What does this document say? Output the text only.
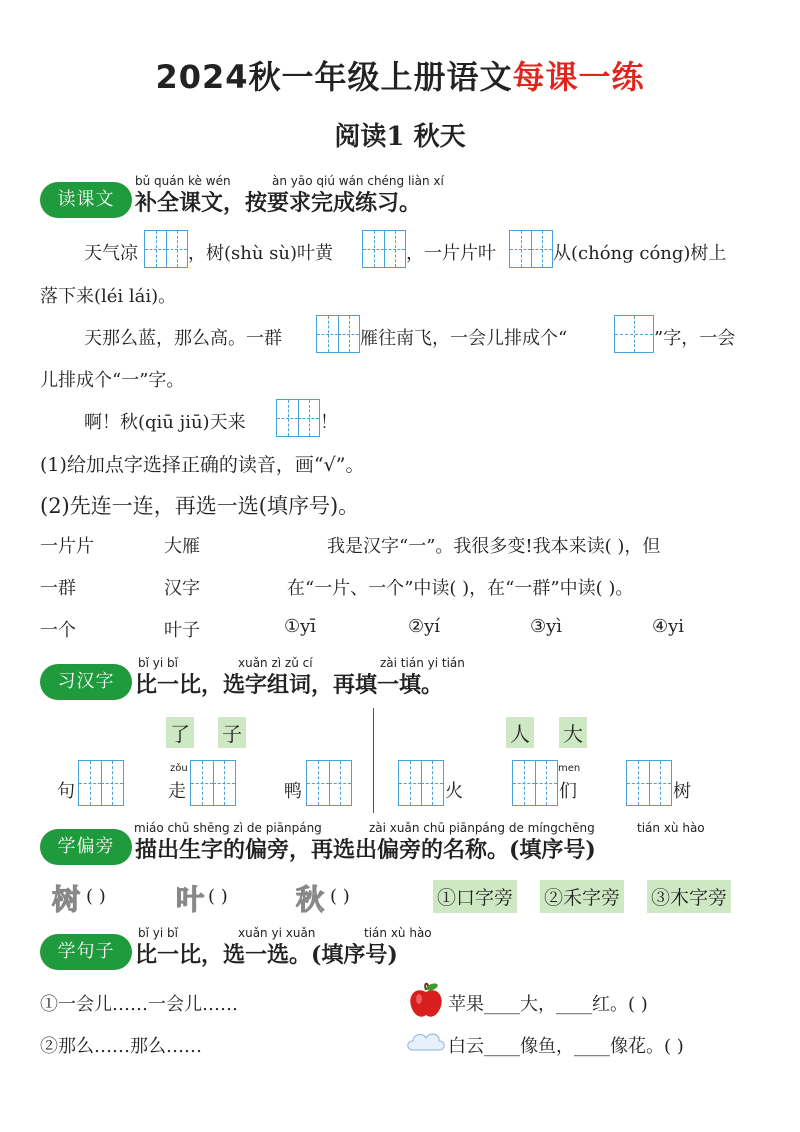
2024秋一年级上册语文每课一练
阅读1 秋天
读课文
bǔ quán kè wén	àn yāo qiú wán chéng liàn xí
补全课文，按要求完成练习。
天气凉	，树(shù sù)叶黄	，一片片叶	从(chóng cóng)树上
落下来(léi lái)。
天那么蓝，那么高。一群	雁往南飞，一会儿排成个“	”字，一会
儿排成个“一”字。
啊！秋(qiū jiū)天来	！
(1)给加点字选择正确的读音，画“√”。
(2)先连一连，再选一选(填序号)。
一片片
一群
一个
大雁
汉字
叶子
我是汉字“一”。我很多变!我本来读( )，但
在“一片、一个”中读( )，在“一群”中读( )。
①yī	②yí	③yì	④yi
习汉字
bǐ yi bǐ	xuǎn zì zǔ cí	zài tián yi tián
比一比，选字组词，再填一填。
了 子	人 大
句
zǒu
走	鸭	火
men
们	树
学偏旁
miáo chū shēng zì de piānpáng	zài xuǎn chū piānpáng de míngchēng	tián xù hào
描出生字的偏旁，再选出偏旁的名称。(填序号)
树 ( )	叶 ( ) 秋 ( )	①口字旁 ②禾字旁 ③木字旁
学句子
bǐ yi bǐ	xuǎn yi xuǎn	tián xù hào
比一比，选一选。(填序号)
①一会儿……一会儿……
②那么……那么……
苹果____大，____红。( )
白云____像鱼，____像花。( )
